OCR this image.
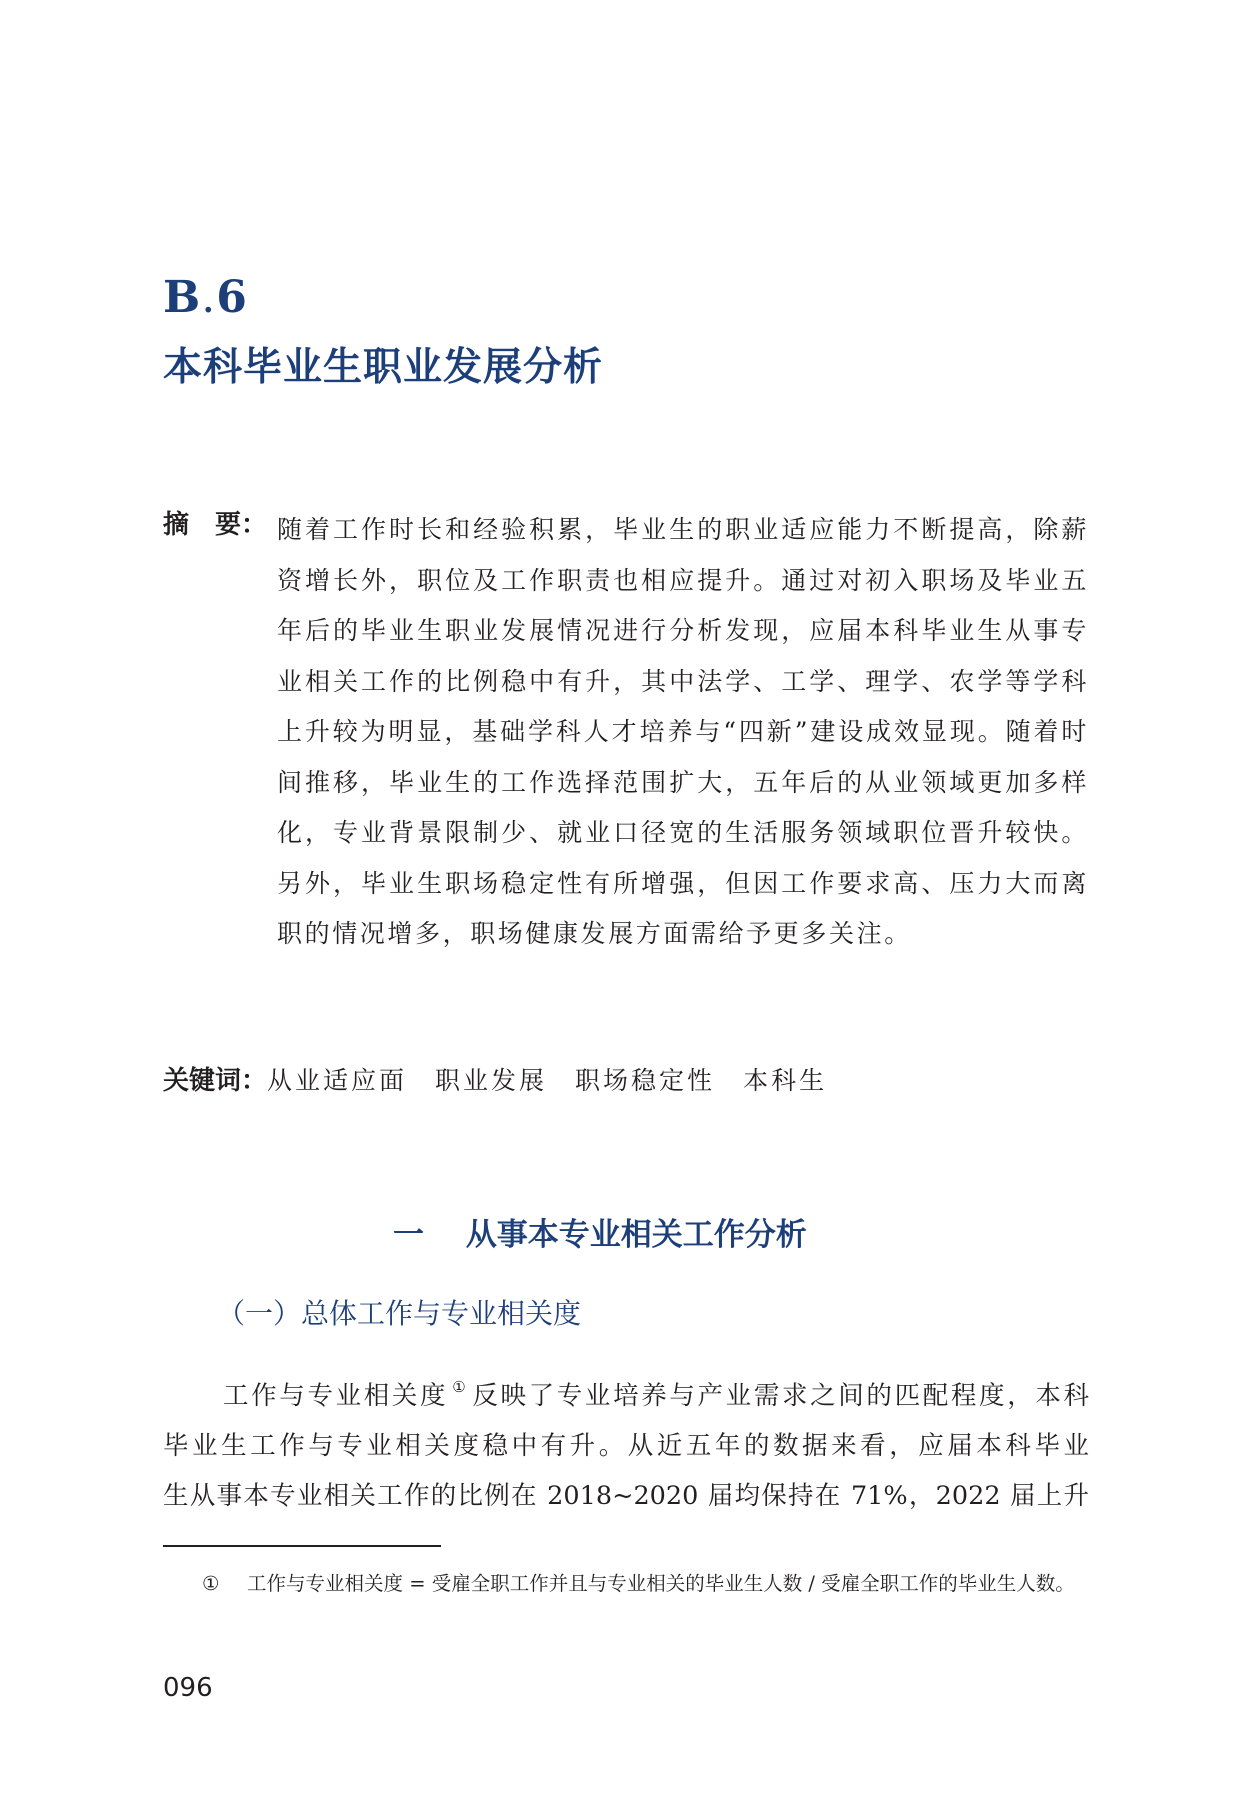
B.6
本科毕业生职业发展分析
摘　要： 随着工作时长和经验积累，毕业生的职业适应能力不断提高，除薪资增长外，职位及工作职责也相应提升。通过对初入职场及毕业五年后的毕业生职业发展情况进行分析发现，应届本科毕业生从事专业相关工作的比例稳中有升，其中法学、工学、理学、农学等学科上升较为明显，基础学科人才培养与“四新”建设成效显现。随着时间推移，毕业生的工作选择范围扩大，五年后的从业领域更加多样化，专业背景限制少、就业口径宽的生活服务领域职位晋升较快。另外，毕业生职场稳定性有所增强，但因工作要求高、压力大而离职的情况增多，职场健康发展方面需给予更多关注。
关键词：从业适应面 职业发展 职场稳定性 本科生
一　 从事本专业相关工作分析
（一）总体工作与专业相关度
工作与专业相关度 ① 反映了专业培养与产业需求之间的匹配程度，本科
毕业生工作与专业相关度稳中有升。从近五年的数据来看，应届本科毕业
生从事本专业相关工作的比例在 2018~2020 届均保持在 71%，2022 届上升
① 工作与专业相关度 = 受雇全职工作并且与专业相关的毕业生人数 / 受雇全职工作的毕业生人数。
096
